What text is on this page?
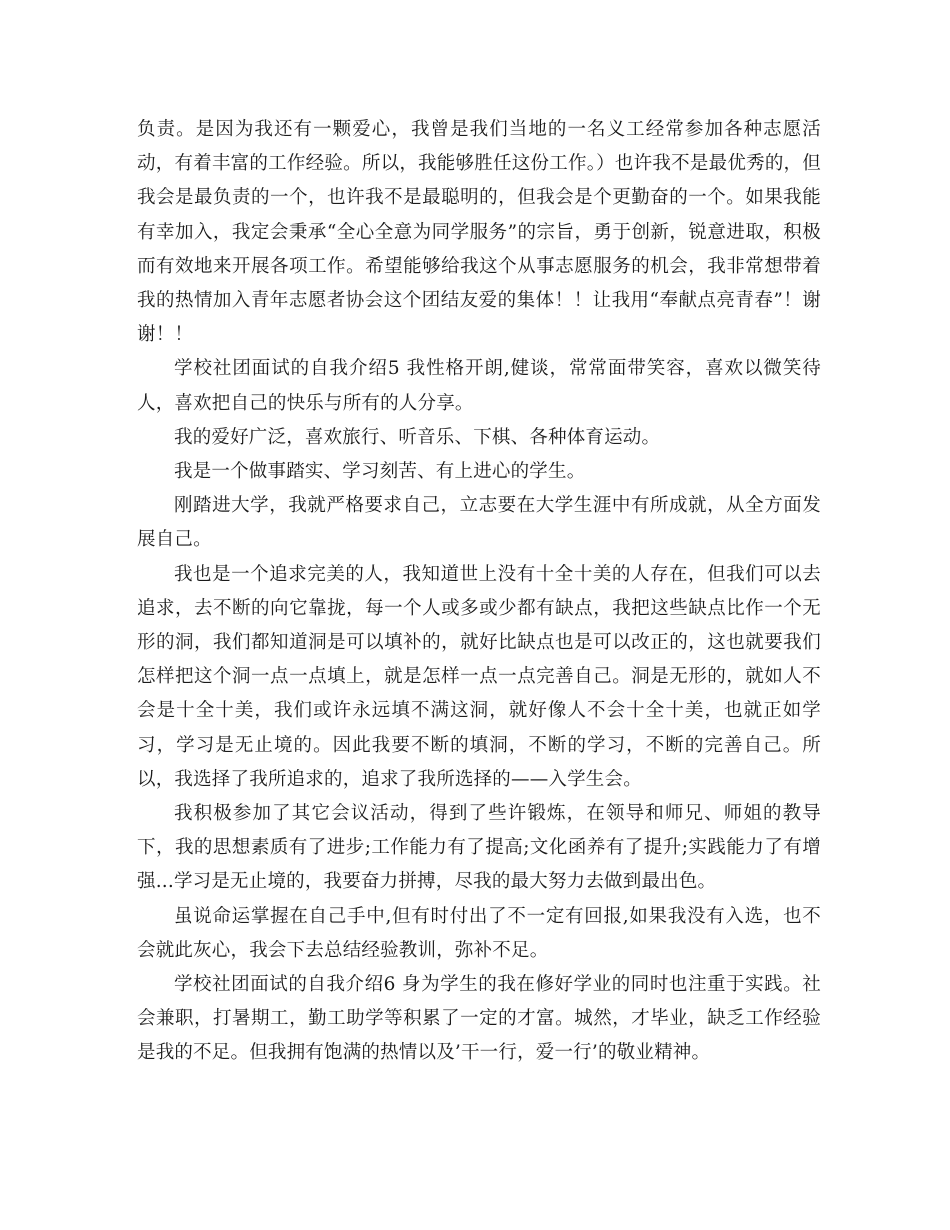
负责。是因为我还有一颗爱心，我曾是我们当地的一名义工经常参加各种志愿活动，有着丰富的工作经验。所以，我能够胜任这份工作。）也许我不是最优秀的，但我会是最负责的一个，也许我不是最聪明的，但我会是个更勤奋的一个。如果我能有幸加入，我定会秉承“全心全意为同学服务”的宗旨，勇于创新，锐意进取，积极而有效地来开展各项工作。希望能够给我这个从事志愿服务的机会，我非常想带着我的热情加入青年志愿者协会这个团结友爱的集体！！让我用“奉献点亮青春”！谢谢！！

学校社团面试的自我介绍5 我性格开朗,健谈，常常面带笑容，喜欢以微笑待人，喜欢把自己的快乐与所有的人分享。

我的爱好广泛，喜欢旅行、听音乐、下棋、各种体育运动。

我是一个做事踏实、学习刻苦、有上进心的学生。

刚踏进大学，我就严格要求自己，立志要在大学生涯中有所成就，从全方面发展自己。

我也是一个追求完美的人，我知道世上没有十全十美的人存在，但我们可以去追求，去不断的向它靠拢，每一个人或多或少都有缺点，我把这些缺点比作一个无形的洞，我们都知道洞是可以填补的，就好比缺点也是可以改正的，这也就要我们怎样把这个洞一点一点填上，就是怎样一点一点完善自己。洞是无形的，就如人不会是十全十美，我们或许永远填不满这洞，就好像人不会十全十美，也就正如学习，学习是无止境的。因此我要不断的填洞，不断的学习，不断的完善自己。所以，我选择了我所追求的，追求了我所选择的——入学生会。

我积极参加了其它会议活动，得到了些许锻炼，在领导和师兄、师姐的教导下，我的思想素质有了进步;工作能力有了提高;文化函养有了提升;实践能力了有增强...学习是无止境的，我要奋力拼搏，尽我的最大努力去做到最出色。

虽说命运掌握在自己手中,但有时付出了不一定有回报,如果我没有入选，也不会就此灰心，我会下去总结经验教训，弥补不足。

学校社团面试的自我介绍6 身为学生的我在修好学业的同时也注重于实践。社会兼职，打暑期工，勤工助学等积累了一定的才富。城然，才毕业，缺乏工作经验是我的不足。但我拥有饱满的热情以及’干一行，爱一行’的敬业精神。
